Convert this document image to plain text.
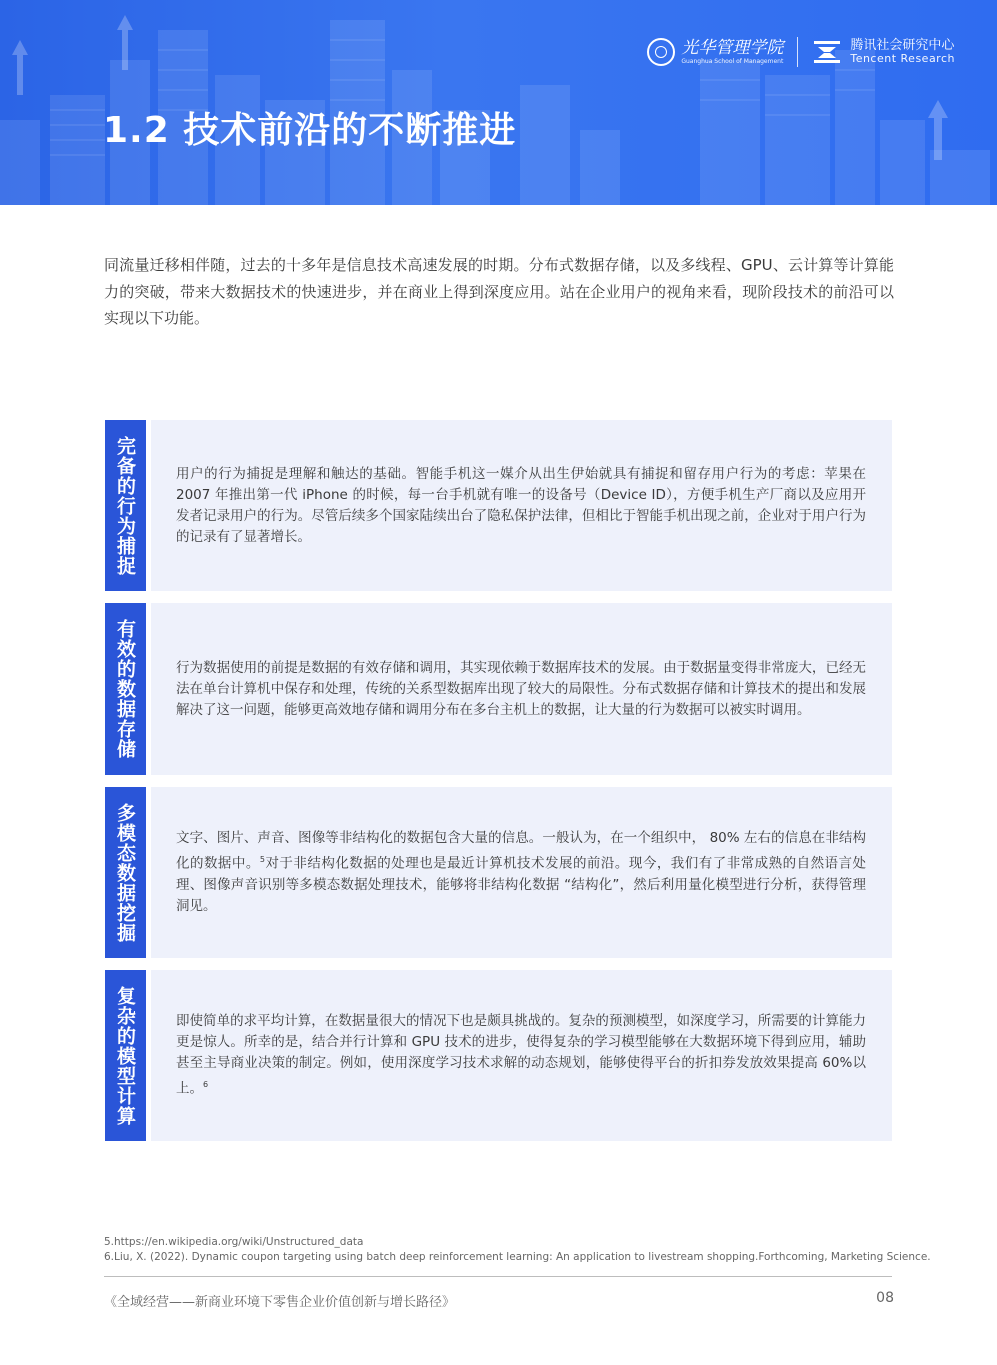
1.2 技术前沿的不断推进
光华管理学院
Guanghua School of Management
腾讯社会研究中心
Tencent Research

同流量迁移相伴随，过去的十多年是信息技术高速发展的时期。分布式数据存储，以及多线程、GPU、云计算等计算能力的突破，带来大数据技术的快速进步，并在商业上得到深度应用。站在企业用户的视角来看，现阶段技术的前沿可以实现以下功能。

完备的行为捕捉	用户的行为捕捉是理解和触达的基础。智能手机这一媒介从出生伊始就具有捕捉和留存用户行为的考虑：苹果在 2007 年推出第一代 iPhone 的时候，每一台手机就有唯一的设备号（Device ID），方便手机生产厂商以及应用开发者记录用户的行为。尽管后续多个国家陆续出台了隐私保护法律，但相比于智能手机出现之前，企业对于用户行为的记录有了显著增长。

有效的数据存储	行为数据使用的前提是数据的有效存储和调用，其实现依赖于数据库技术的发展。由于数据量变得非常庞大，已经无法在单台计算机中保存和处理，传统的关系型数据库出现了较大的局限性。分布式数据存储和计算技术的提出和发展解决了这一问题，能够更高效地存储和调用分布在多台主机上的数据，让大量的行为数据可以被实时调用。

多模态数据挖掘	文字、图片、声音、图像等非结构化的数据包含大量的信息。一般认为，在一个组织中， 80% 左右的信息在非结构化的数据中。$^5$对于非结构化数据的处理也是最近计算机技术发展的前沿。现今，我们有了非常成熟的自然语言处理、图像声音识别等多模态数据处理技术，能够将非结构化数据 “结构化”，然后利用量化模型进行分析，获得管理洞见。

复杂的模型计算	即使简单的求平均计算，在数据量很大的情况下也是颇具挑战的。复杂的预测模型，如深度学习，所需要的计算能力更是惊人。所幸的是，结合并行计算和 GPU 技术的进步，使得复杂的学习模型能够在大数据环境下得到应用，辅助甚至主导商业决策的制定。例如，使用深度学习技术求解的动态规划，能够使得平台的折扣券发放效果提高 60%以上。$^6$

5.https://en.wikipedia.org/wiki/Unstructured_data
6.Liu, X. (2022). Dynamic coupon targeting using batch deep reinforcement learning: An application to livestream shopping.Forthcoming, Marketing Science.
《全域经营——新商业环境下零售企业价值创新与增长路径》	08
